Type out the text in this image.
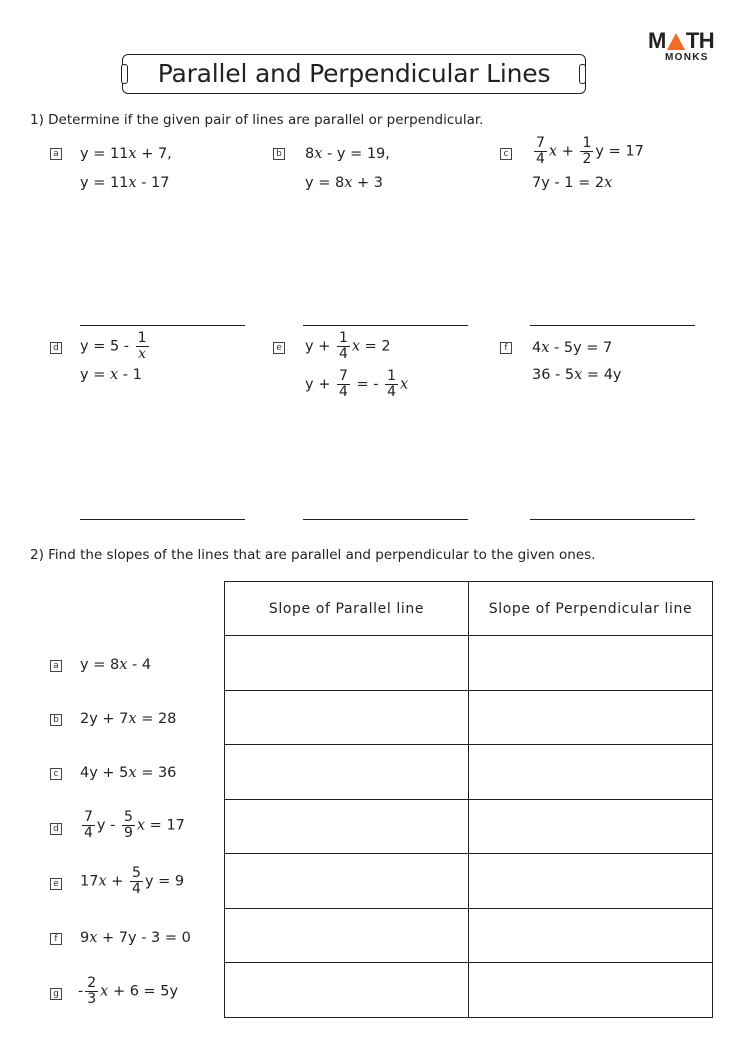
Parallel and Perpendicular Lines
M TH
MONKS
1) Determine if the given pair of lines are parallel or perpendicular.
a y = 11x + 7,
y = 11x - 17
b 8x - y = 19,
y = 8x + 3
c $\frac{7}{4}$ $x + \frac{1}{2}$ y = 17
7y - 1 = 2x
d $y = 5 - \frac{1}{x}$
y = x - 1
e $y + \frac{1}{4}$ x = 2
$y + \frac{7}{4}$ = - $\frac{1}{4}$ x
f	4x - 5y = 7
36 - 5x = 4y
2) Find the slopes of the lines that are parallel and perpendicular to the given ones.
Slope of Parallel line	Slope of Perpendicular line

a y = 8x - 4
b 2y + 7x = 28
c 4y + 5x = 36
d $\frac{7}{4}$ y - $\frac{5}{9}$ x = 17
e $17x + \frac{5}{4}$ y = 9
f	9x + 7y - 3 = 0
g - $\frac{2}{3}$ x + 6 = 5y
